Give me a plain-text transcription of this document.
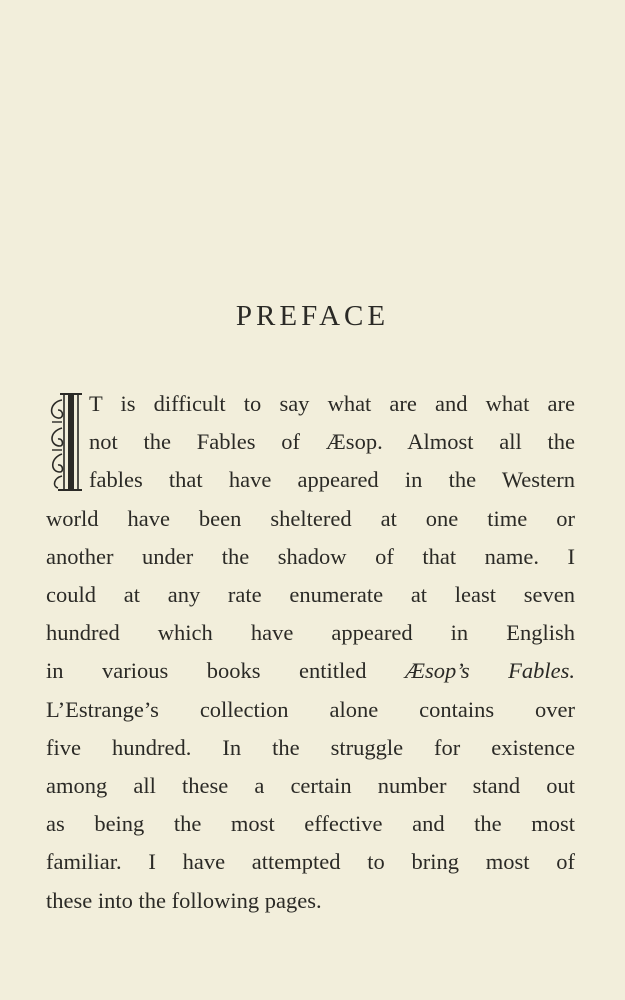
PREFACE
T is difficult to say what are and what are
not the Fables of Æsop. Almost all the
fables that have appeared in the Western
world have been sheltered at one time or
another under the shadow of that name. I
could at any rate enumerate at least seven
hundred which have appeared in English
in various books entitled Æsop’s Fables.
L’Estrange’s collection alone contains over
five hundred. In the struggle for existence
among all these a certain number stand out
as being the most effective and the most
familiar. I have attempted to bring most of
these into the following pages.
